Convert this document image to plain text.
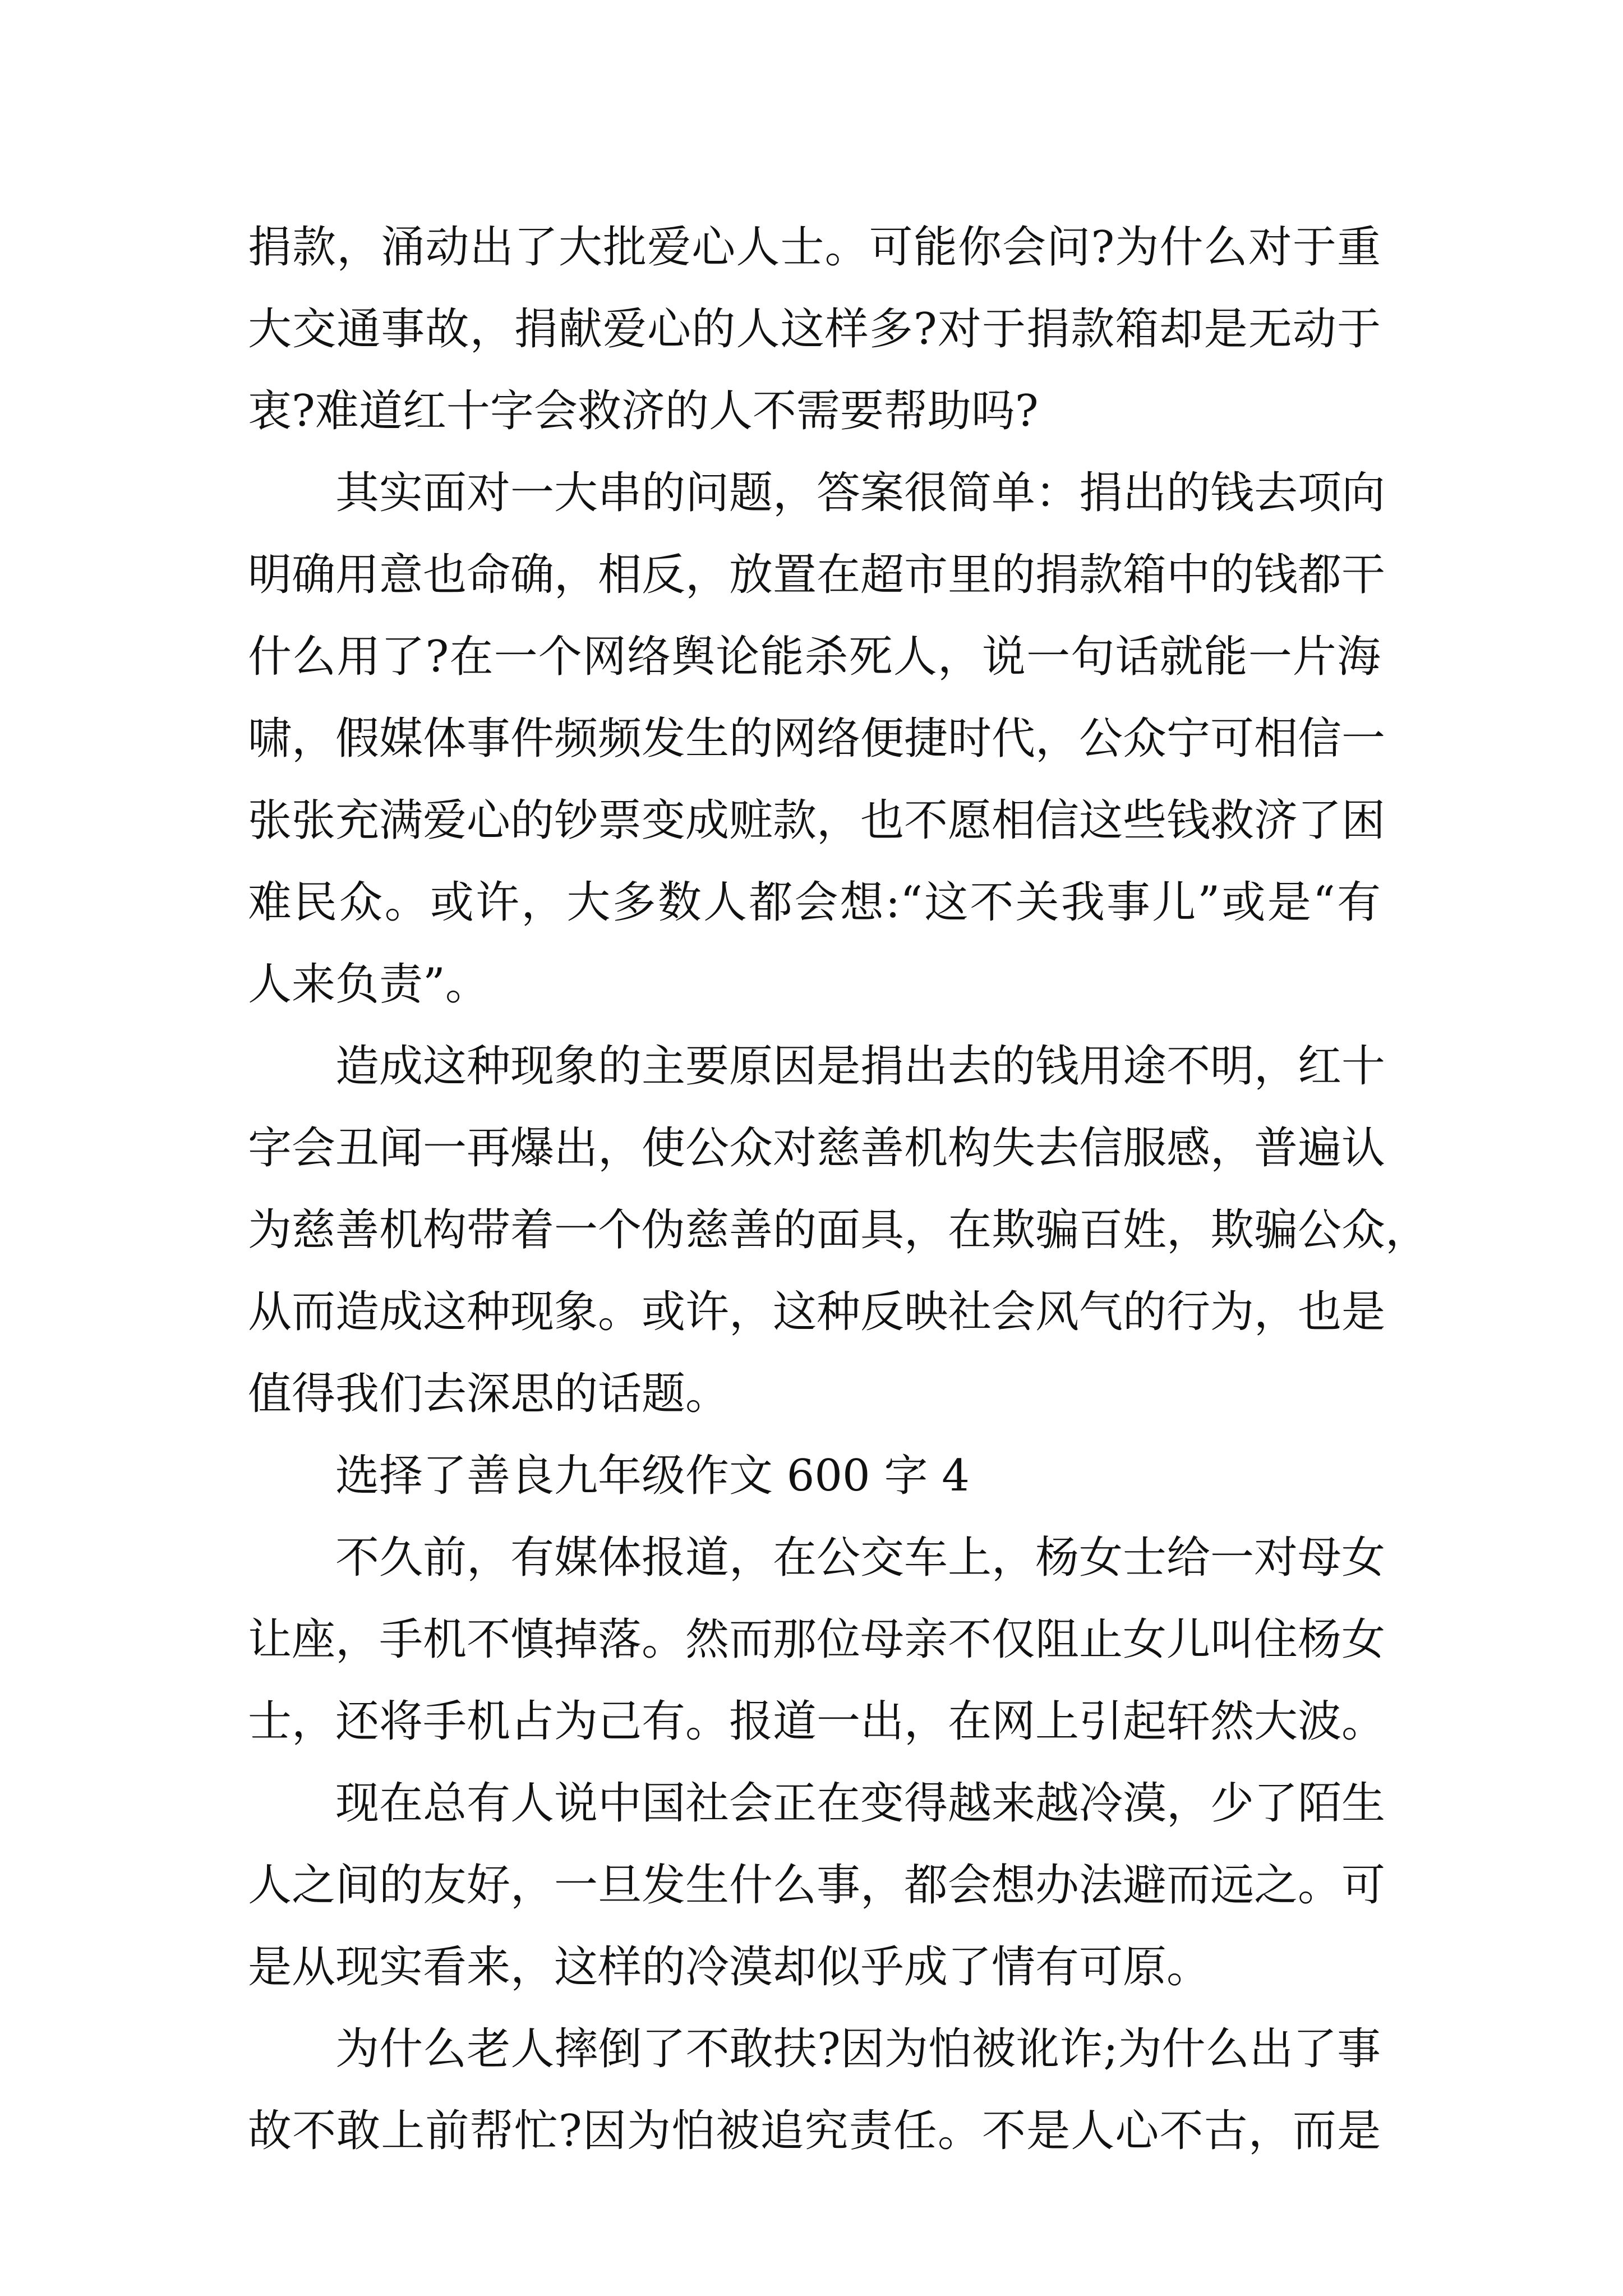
捐款，涌动出了大批爱心人士。可能你会问?为什么对于重
大交通事故，捐献爱心的人这样多?对于捐款箱却是无动于
衷?难道红十字会救济的人不需要帮助吗?
其实面对一大串的问题，答案很简单：捐出的钱去项向
明确用意也命确，相反，放置在超市里的捐款箱中的钱都干
什么用了?在一个网络舆论能杀死人，说一句话就能一片海
啸，假媒体事件频频发生的网络便捷时代，公众宁可相信一
张张充满爱心的钞票变成赃款，也不愿相信这些钱救济了困
难民众。或许，大多数人都会想:“这不关我事儿”或是“有
人来负责”。
造成这种现象的主要原因是捐出去的钱用途不明，红十
字会丑闻一再爆出，使公众对慈善机构失去信服感，普遍认
为慈善机构带着一个伪慈善的面具，在欺骗百姓，欺骗公众，
从而造成这种现象。或许，这种反映社会风气的行为，也是
值得我们去深思的话题。
选择了善良九年级作文 600 字 4
不久前，有媒体报道，在公交车上，杨女士给一对母女
让座，手机不慎掉落。然而那位母亲不仅阻止女儿叫住杨女
士，还将手机占为己有。报道一出，在网上引起轩然大波。
现在总有人说中国社会正在变得越来越冷漠，少了陌生
人之间的友好，一旦发生什么事，都会想办法避而远之。可
是从现实看来，这样的冷漠却似乎成了情有可原。
为什么老人摔倒了不敢扶?因为怕被讹诈;为什么出了事
故不敢上前帮忙?因为怕被追究责任。不是人心不古，而是
